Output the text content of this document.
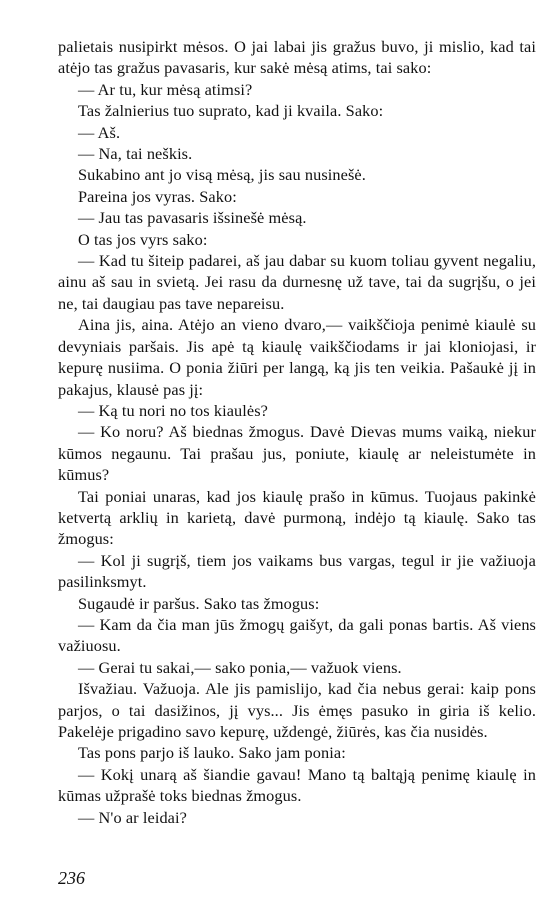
palietais nusipirkt mėsos. O jai labai jis gražus buvo, ji mislio, kad tai atėjo tas gražus pavasaris, kur sakė mėsą atims, tai sako:

— Ar tu, kur mėsą atimsi?

Tas žalnierius tuo suprato, kad ji kvaila. Sako:

— Aš.

— Na, tai neškis.

Sukabino ant jo visą mėsą, jis sau nusinešė.

Pareina jos vyras. Sako:

— Jau tas pavasaris išsinešė mėsą.

O tas jos vyrs sako:

— Kad tu šiteip padarei, aš jau dabar su kuom toliau gyvent negaliu, ainu aš sau in svietą. Jei rasu da durnesnę už tave, tai da sugrįšu, o jei ne, tai daugiau pas tave nepareisu.

Aina jis, aina. Atėjo an vieno dvaro,— vaikščioja penimė kiaulė su devyniais paršais. Jis apė tą kiaulę vaikščiodams ir jai kloniojasi, ir kepurę nusiima. O ponia žiūri per langą, ką jis ten veikia. Pašaukė jį in pakajus, klausė pas jį:

— Ką tu nori no tos kiaulės?

— Ko noru? Aš biednas žmogus. Davė Dievas mums vaiką, niekur kūmos negaunu. Tai prašau jus, poniute, kiaulę ar neleistumėte in kūmus?

Tai poniai unaras, kad jos kiaulę prašo in kūmus. Tuojaus pakinkė ketvertą arklių in karietą, davė purmoną, indėjo tą kiaulę. Sako tas žmogus:

— Kol ji sugrįš, tiem jos vaikams bus vargas, tegul ir jie važiuoja pasilinksmyt.

Sugaudė ir paršus. Sako tas žmogus:

— Kam da čia man jūs žmogų gaišyt, da gali ponas bartis. Aš viens važiuosu.

— Gerai tu sakai,— sako ponia,— važuok viens.

Išvažiau. Važuoja. Ale jis pamislijo, kad čia nebus gerai: kaip pons parjos, o tai dasižinos, jį vys... Jis ėmęs pasuko in giria iš kelio. Pakelėje prigadino savo kepurę, uždengė, žiūrės, kas čia nusidės.

Tas pons parjo iš lauko. Sako jam ponia:

— Kokį unarą aš šiandie gavau! Mano tą baltąją penimę kiaulę in kūmas užprašė toks biednas žmogus.

— N'o ar leidai?

236
